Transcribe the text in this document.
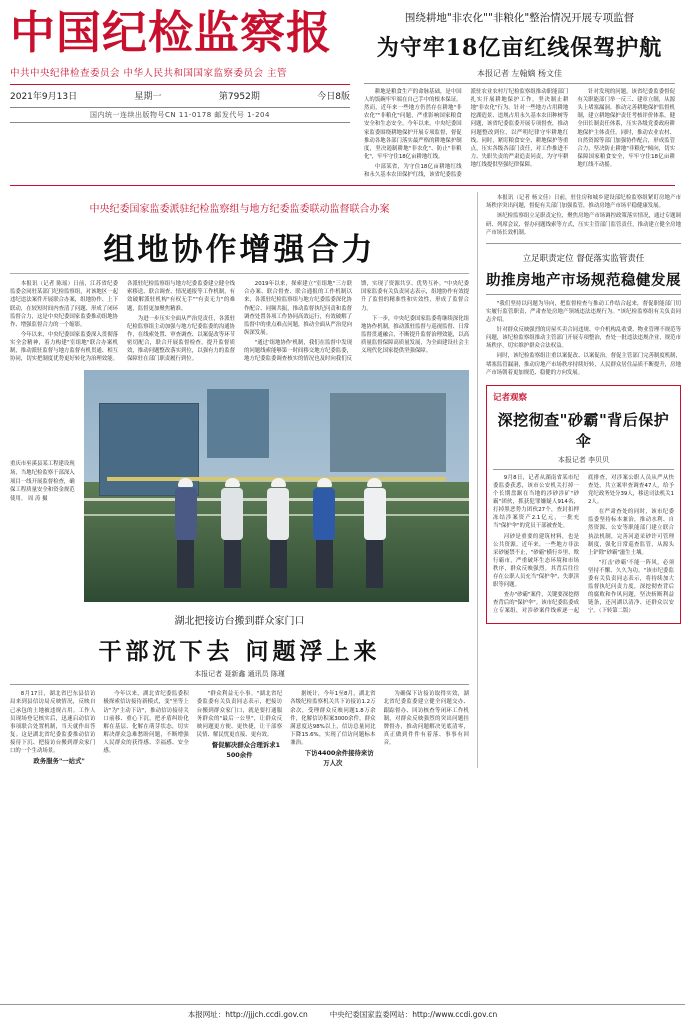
中国纪检监察报
中共中央纪律检查委员会 中华人民共和国国家监察委员会 主管
2021年9月13日	星期一	第7952期	今日8版
国内统一连续出版物号CN 11-0178 邮发代号 1-204
围绕耕地"非农化""非粮化"整治情况开展专项监督
为守牢18亿亩红线保驾护航
本报记者 左翰嫡 杨文佳

耕地是粮食生产的命脉基础，是中国人的饭碗牢牢端在自己手中的根本保证。然而，近年来一些地方仍然存在耕地"非农化""非粮化"问题，严重影响国家粮食安全和生态安全。今年以来，中央纪委国家监委围绕耕地保护开展专项监督，督促推动各地各部门落实最严格的耕地保护制度，坚决遏制耕地"非农化"、防止"非粮化"，牢牢守住18亿亩耕地红线。

中部某省，为守住18亿亩耕地红线和永久基本农田保护红线，该省纪委监委派驻农业农村厅纪检监察组推动职能部门扎实开展耕地保护工作，坚决制止耕地"非农化"行为。针对一些地方占用耕地挖湖造景、违规占用永久基本农田种树等问题，该省纪委监委开展专项督查，推动问题整改到位，以严明纪律守牢耕地红线。同时，紧盯粮食安全、耕地保护等重点，压实各级各部门责任，对工作推进不力、失职失责的严肃追责问责，为守牢耕地红线提供坚强纪律保障。

针对发现的问题，该省纪委监委督促有关职能部门举一反三、建章立制，从源头上堵塞漏洞。推动完善耕地保护监督机制，建立耕地保护责任考核评价体系，健全田长制责任体系，压实各级党委政府耕地保护主体责任。同时，推动农业农村、自然资源等部门加强协作配合，形成监管合力，坚决防止耕地"非粮化"倾向，切实保障国家粮食安全，牢牢守住18亿亩耕地红线不动摇。

中央纪委国家监委派驻纪检监察组与地方纪委监委联动监督联合办案
组地协作增强合力

本报讯（记者 陈瑶）日前，江苏省纪委监委会同驻某部门纪检监察组，对该地区一起违纪违法案件开展联合办案，组地协作、上下联动，在较短时间内查清了问题、形成了闭环监督合力，这是中央纪委国家监委推动组地协作、增强监督合力的一个缩影。

今年以来，中央纪委国家监委深入贯彻落实全会精神，着力构建"室组地"联合办案机制，推动派驻监督与地方监督有机贯通、相互协同，切实把制度优势更好转化为治理效能。各派驻纪检监察组与地方纪委监委建立健全线索移送、联合调查、情况通报等工作机制，有效破解派驻机构"有权无手""有责无力"的难题，监督更加聚焦精准。

为进一步压实全面从严治党责任，各派驻纪检监察组主动加强与地方纪委监委的沟通协作，在线索处置、审查调查、以案促改等环节密切配合，联合开展监督检查，提升监督质效，推动问题整改落实到位，以强有力的监督保障驻在部门职责履行到位。

2019年以来，探索建立"室组地"三方联合办案、联合督查、联合通报的工作机制以来，各派驻纪检监察组与地方纪委监委深化协作配合、同频共振，推动监督执纪问责和监督调查处置各项工作协同高效运行，有效破解了监督中的重点难点问题，推动全面从严治党向纵深发展。

"通过'组地协作'机制，我们在监督中发现的问题线索能够第一时间移交地方纪委监委，地方纪委监委调查核实的情况也及时向我们反馈，实现了资源共享、优势互补。"中央纪委国家监委有关负责同志表示，组地协作有效提升了监督的精准性和实效性，形成了监督合力。

下一步，中央纪委国家监委将继续深化组地协作机制，推动派驻监督与巡视监督、日常监督贯通融合，不断提升监督治理效能，以高质量监督保障高质量发展，为全面建设社会主义现代化国家提供坚强保障。

重庆市巫溪县某工程建设现场，当地纪检监察干部深入项目一线开展监督检查，确保工程质量安全和资金规范使用。 周 涛 摄
湖北把接访台搬到群众家门口
干部沉下去 问题浮上来
本报记者 聂新鑫 通讯员 陈瑾

8月17日，湖北省巴东县信访局来到县信访局反映情况，反映自己承包的土地被违规占用。工作人员现场登记核实后，迅速启动信访事项联合处置机制，当天就作出答复。这是湖北省纪委监委推动信访接待下沉、把接访台搬到群众家门口的一个生动场景。

政务服务"一站式"

今年以来，湖北省纪委监委积极探索信访接待新模式，变"坐等上访"为"主动下访"，推动信访接待关口前移、重心下沉，把矛盾纠纷化解在基层、化解在萌芽状态，切实解决群众急难愁盼问题，不断增强人民群众的获得感、幸福感、安全感。

"群众利益无小事。"湖北省纪委监委有关负责同志表示，把接访台搬到群众家门口，就是要打通服务群众的"最后一公里"，让群众反映问题更方便、更快捷，让干部察民情、解民忧更直接、更有效。

督促解决群众合理诉求1500余件

据统计，今年1至8月，湖北省各级纪检监察机关共下访接访1.2万余次，受理群众反映问题1.8万余件，化解信访积案3000余件，群众满意度达98%以上，信访总量同比下降15.6%，实现了信访问题标本兼治。

下访4400余件接待来访万人次

为确保下访接访取得实效，湖北省纪委监委建立健全问题交办、跟踪督办、回访核查等闭环工作机制，对群众反映强烈的突出问题挂牌督办，推动问题解决见底清零，真正做到件件有着落、事事有回音。

本报讯（记者 杨文佳）日前，驻住房和城乡建设部纪检监察组紧盯房地产市场秩序突出问题，督促有关部门加强监管，推动房地产市场平稳健康发展。

该纪检监察组立足职责定位，聚焦房地产市场调控政策落实情况，通过专题调研、列席会议、督办问题线索等方式，压实主管部门监管责任，推动建立健全房地产市场长效机制。

立足职责定位 督促落实监管责任
助推房地产市场规范稳健发展

"我们坚持以问题为导向，把监督检查与推动工作结合起来，督促职能部门切实履行监管职责，严肃查处房地产领域违法违规行为。"该纪检监察组有关负责同志介绍。

针对群众反映强烈的房屋买卖合同违规、中介机构乱收费、物业管理不规范等问题，该纪检监察组推动主管部门开展专项整治，查处一批违法违规企业，规范市场秩序，切实维护群众合法权益。

同时，该纪检监察组注重以案促改、以案促治，督促主管部门完善制度机制，堵塞监管漏洞，推动房地产市场秩序持续好转，人民群众居住品质不断提升，房地产市场朝着更加规范、稳健的方向发展。

记者观察
深挖彻查"砂霸"背后保护伞
本报记者 李贝贝

9月8日，记者从湖南省某市纪委监委获悉，该市公安机关打掉一个长期盘踞在当地的涉砂涉矿"砂霸"团伙，抓获犯罪嫌疑人914名，打掉黑恶势力团伙27个，查封扣押冻结涉案资产2.1亿元，一批充当"保护伞"的党员干部被查处。

河砂是重要的建筑材料，也是公共资源。近年来，一些地方非法采砂屡禁不止，"砂霸"横行乡里、欺行霸市，严重破坏生态环境和市场秩序，群众反映强烈。其背后往往存在公职人员充当"保护伞"、失职渎职等问题。

查办"砂霸"案件，关键要深挖彻查背后的"保护伞"。该市纪委监委成立专案组，对涉砂案件线索逐一起底排查，对涉案公职人员从严从快查处，共立案审查调查47人，给予党纪政务处分39人，移送司法机关12人。

在严肃查处的同时，该市纪委监委坚持标本兼治，推动水利、自然资源、公安等职能部门建立联合执法机制，完善河道采砂许可管理制度，强化日常巡查监管，从源头上铲除"砂霸"滋生土壤。

"打击'砂霸'不能一阵风，必须坚持不懈、久久为功。"该市纪委监委有关负责同志表示，将持续加大监督执纪问责力度，深挖彻查背后的腐败和作风问题，坚决斩断利益链条，还河湖以清净、还群众以安宁。（下转第二版）

本报网址：http://jjjch.ccdi.gov.cn	中央纪委国家监委网站：http://www.ccdi.gov.cn
